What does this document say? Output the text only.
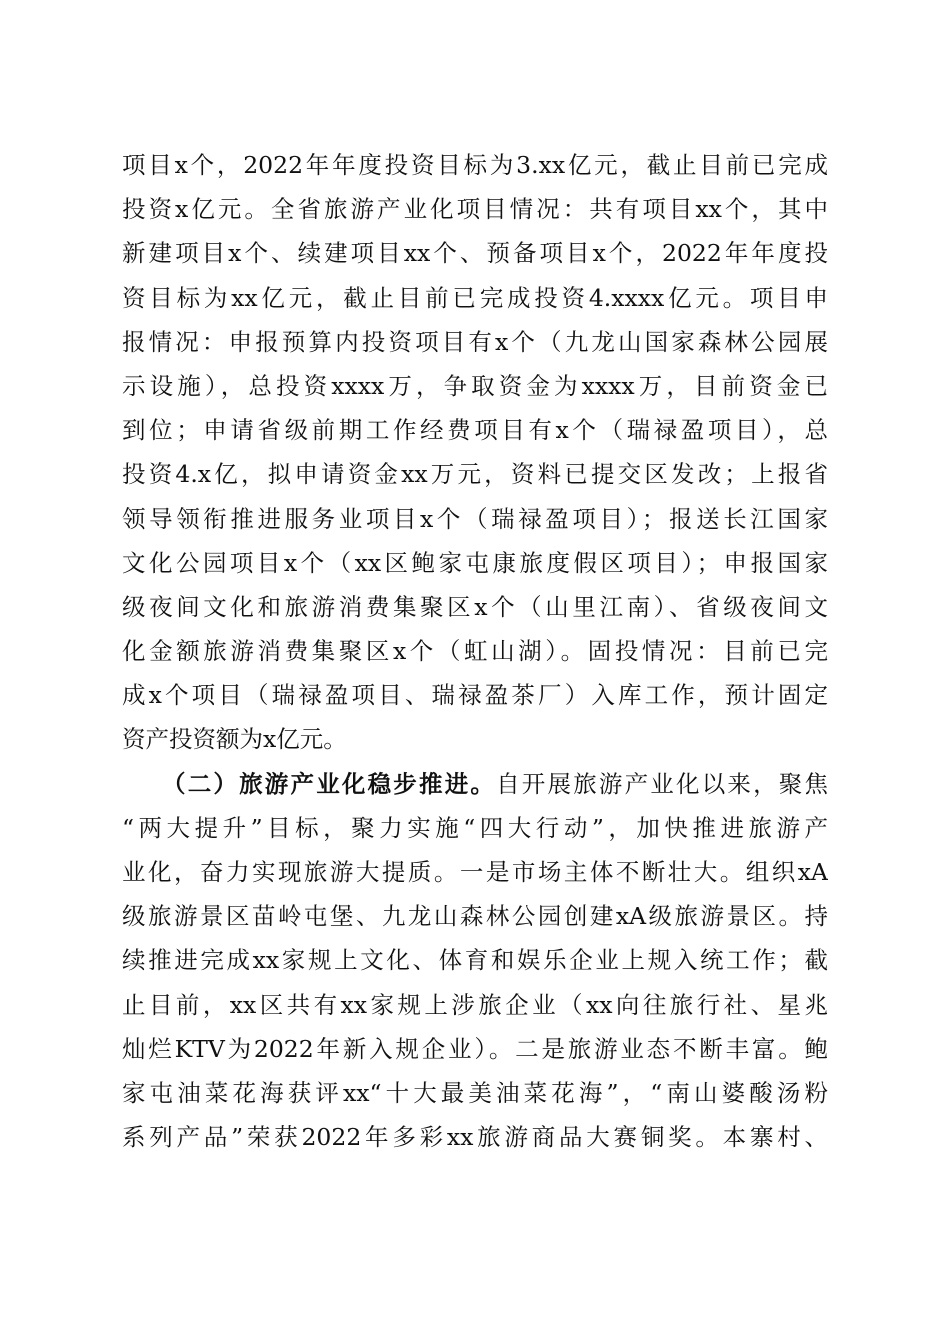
项目x个，2022年年度投资目标为3.xx亿元，截止目前已完成
投资x亿元。全省旅游产业化项目情况：共有项目xx个，其中
新建项目x个、续建项目xx个、预备项目x个，2022年年度投
资目标为xx亿元，截止目前已完成投资4.xxxx亿元。项目申
报情况：申报预算内投资项目有x个（九龙山国家森林公园展
示设施），总投资xxxx万，争取资金为xxxx万，目前资金已
到位；申请省级前期工作经费项目有x个（瑞禄盈项目），总
投资4.x亿，拟申请资金xx万元，资料已提交区发改；上报省
领导领衔推进服务业项目x个（瑞禄盈项目）；报送长江国家
文化公园项目x个（xx区鲍家屯康旅度假区项目）；申报国家
级夜间文化和旅游消费集聚区x个（山里江南）、省级夜间文
化金额旅游消费集聚区x个（虹山湖）。固投情况：目前已完
成x个项目（瑞禄盈项目、瑞禄盈茶厂）入库工作，预计固定
资产投资额为x亿元。
（二）旅游产业化稳步推进。自开展旅游产业化以来，聚焦
“两大提升”目标，聚力实施“四大行动”，加快推进旅游产
业化，奋力实现旅游大提质。一是市场主体不断壮大。组织xA
级旅游景区苗岭屯堡、九龙山森林公园创建xA级旅游景区。持
续推进完成xx家规上文化、体育和娱乐企业上规入统工作；截
止目前，xx区共有xx家规上涉旅企业（xx向往旅行社、星兆
灿烂KTV为2022年新入规企业）。二是旅游业态不断丰富。鲍
家屯油菜花海获评xx“十大最美油菜花海”，“南山婆酸汤粉
系列产品”荣获2022年多彩xx旅游商品大赛铜奖。本寨村、
